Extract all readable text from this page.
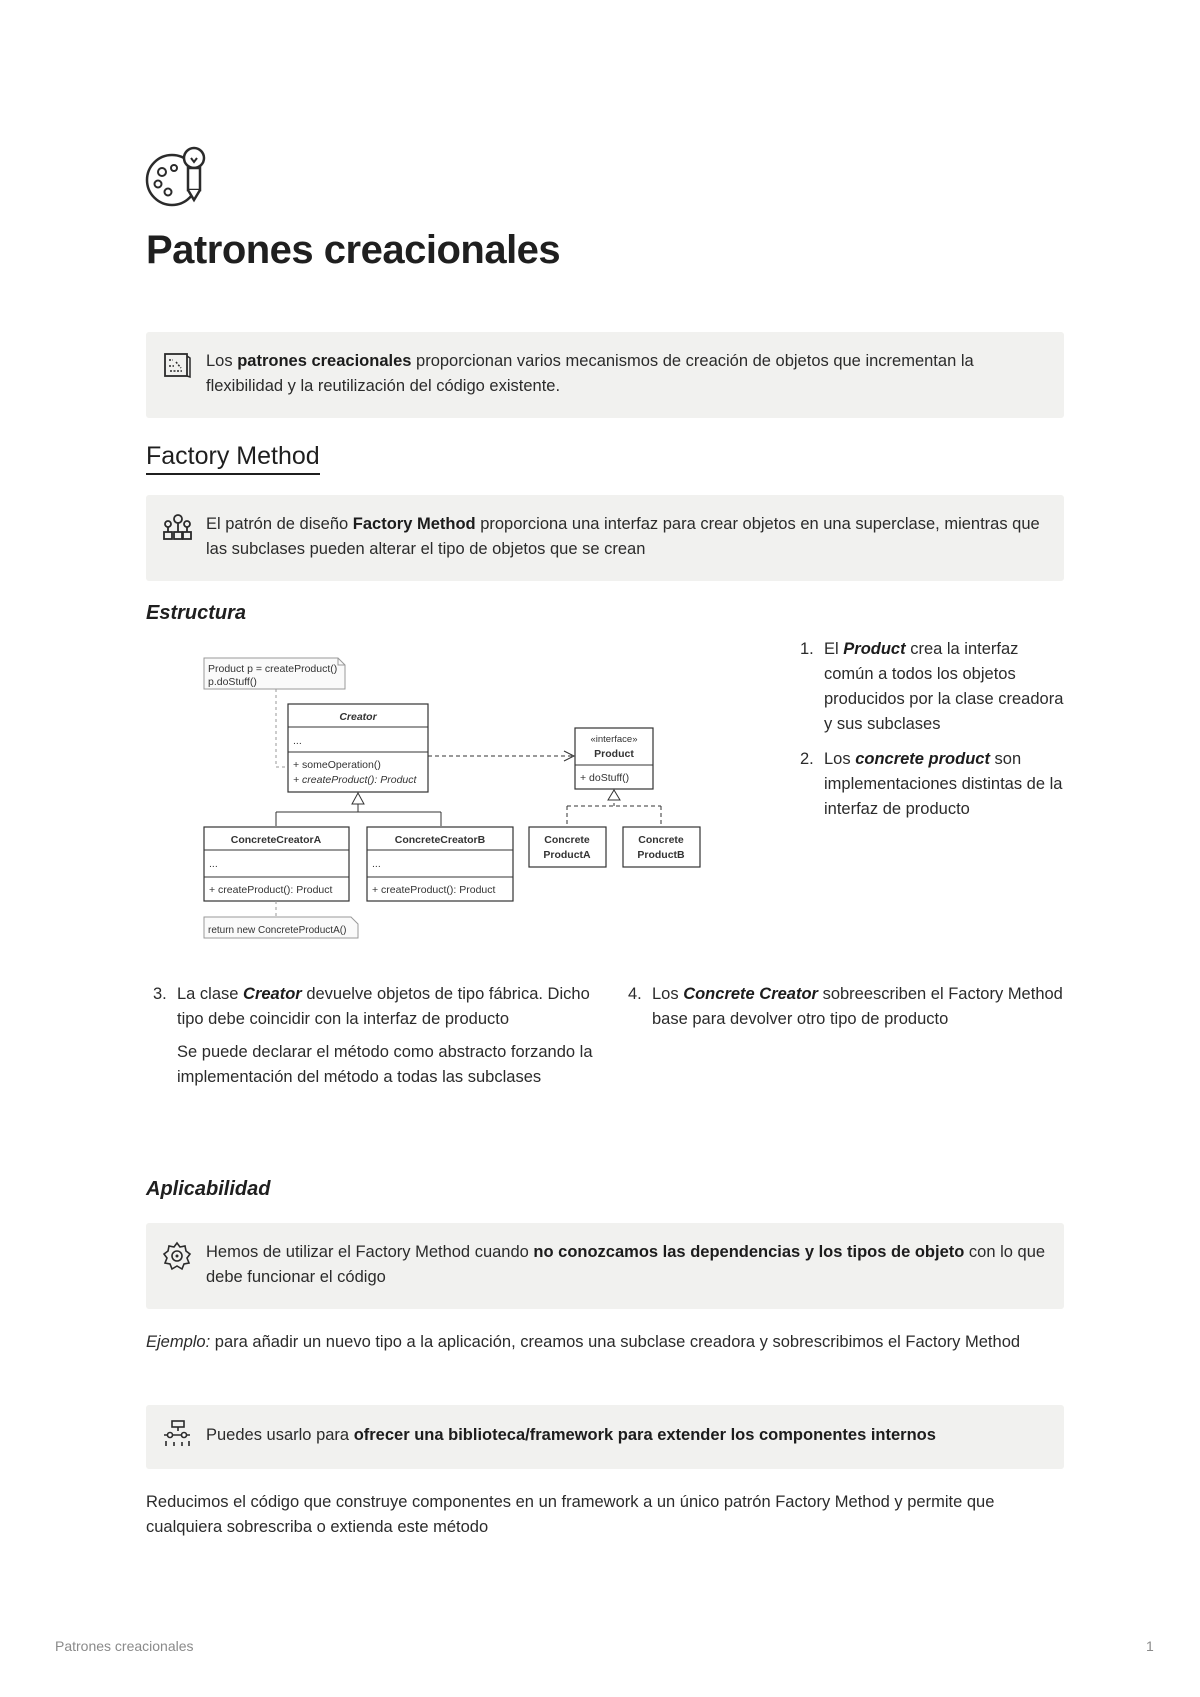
Patrones creacionales
Los patrones creacionales proporcionan varios mecanismos de creación de objetos que incrementan la flexibilidad y la reutilización del código existente.
Factory Method
El patrón de diseño Factory Method proporciona una interfaz para crear objetos en una superclase, mientras que las subclases pueden alterar el tipo de objetos que se crean
Estructura
Product p = createProduct()
p.doStuff()
Creator
...
+ someOperation()
+ createProduct(): Product
«interface»
Product
+ doStuff()
ConcreteCreatorA
...
+ createProduct(): Product
ConcreteCreatorB
...
+ createProduct(): Product
Concrete
ProductA
Concrete
ProductB
return new ConcreteProductA()
1. El Product crea la interfaz común a todos los objetos producidos por la clase creadora y sus subclases
2. Los concrete product son implementaciones distintas de la interfaz de producto
3. La clase Creator devuelve objetos de tipo fábrica. Dicho tipo debe coincidir con la interfaz de producto
Se puede declarar el método como abstracto forzando la implementación del método a todas las subclases
4. Los Concrete Creator sobreescriben el Factory Method base para devolver otro tipo de producto
Aplicabilidad
Hemos de utilizar el Factory Method cuando no conozcamos las dependencias y los tipos de objeto con lo que debe funcionar el código

Ejemplo: para añadir un nuevo tipo a la aplicación, creamos una subclase creadora y sobrescribimos el Factory Method

Puedes usarlo para ofrecer una biblioteca/framework para extender los componentes internos

Reducimos el código que construye componentes en un framework a un único patrón Factory Method y permite que cualquiera sobrescriba o extienda este método

Patrones creacionales	1
